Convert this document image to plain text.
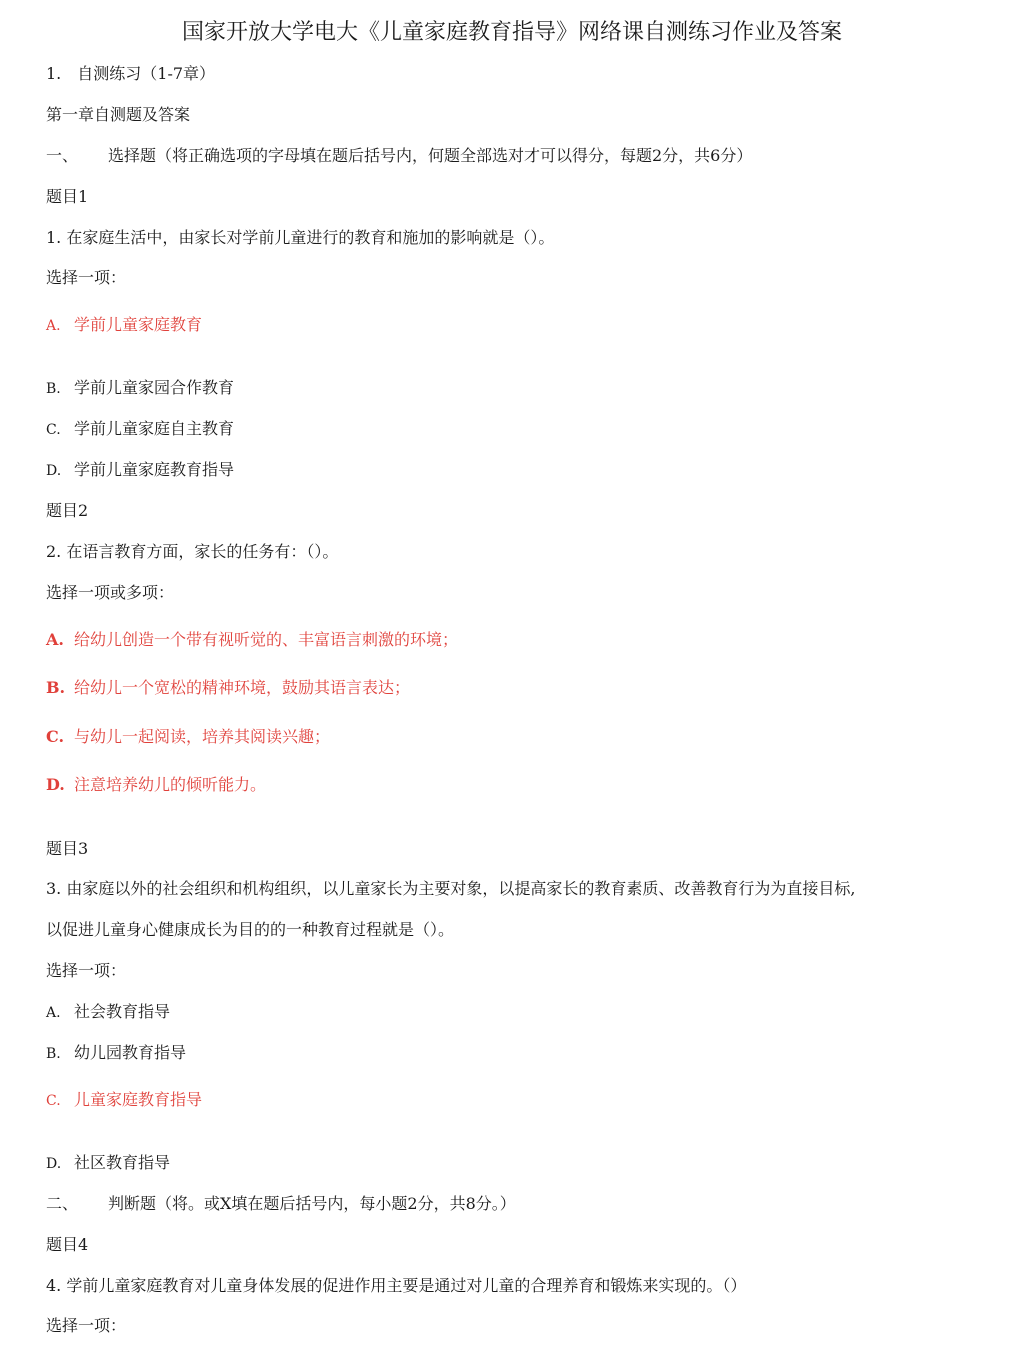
国家开放大学电大《儿童家庭教育指导》网络课自测练习作业及答案
1.　自测练习（1-7章）
第一章自测题及答案
一、 选择题（将正确选项的字母填在题后括号内，何题全部选对才可以得分，每题2分，共6分）
题目1
1. 在家庭生活中，由家长对学前儿童进行的教育和施加的影响就是（）。
选择一项：
A. 学前儿童家庭教育
B. 学前儿童家园合作教育
C. 学前儿童家庭自主教育
D. 学前儿童家庭教育指导
题目2
2. 在语言教育方面，家长的任务有：（）。
选择一项或多项：
A. 给幼儿创造一个带有视听觉的、丰富语言刺激的环境；
B. 给幼儿一个宽松的精神环境，鼓励其语言表达；
C. 与幼儿一起阅读，培养其阅读兴趣；
D. 注意培养幼儿的倾听能力。
题目3
3. 由家庭以外的社会组织和机构组织，以儿童家长为主要对象，以提高家长的教育素质、改善教育行为为直接目标,
以促进儿童身心健康成长为目的的一种教育过程就是（）。
选择一项：
A. 社会教育指导
B. 幼儿园教育指导
C. 儿童家庭教育指导
D. 社区教育指导
二、 判断题（将。或X填在题后括号内，每小题2分，共8分。）
题目4
4. 学前儿童家庭教育对儿童身体发展的促进作用主要是通过对儿童的合理养育和锻炼来实现的。（）
选择一项：
